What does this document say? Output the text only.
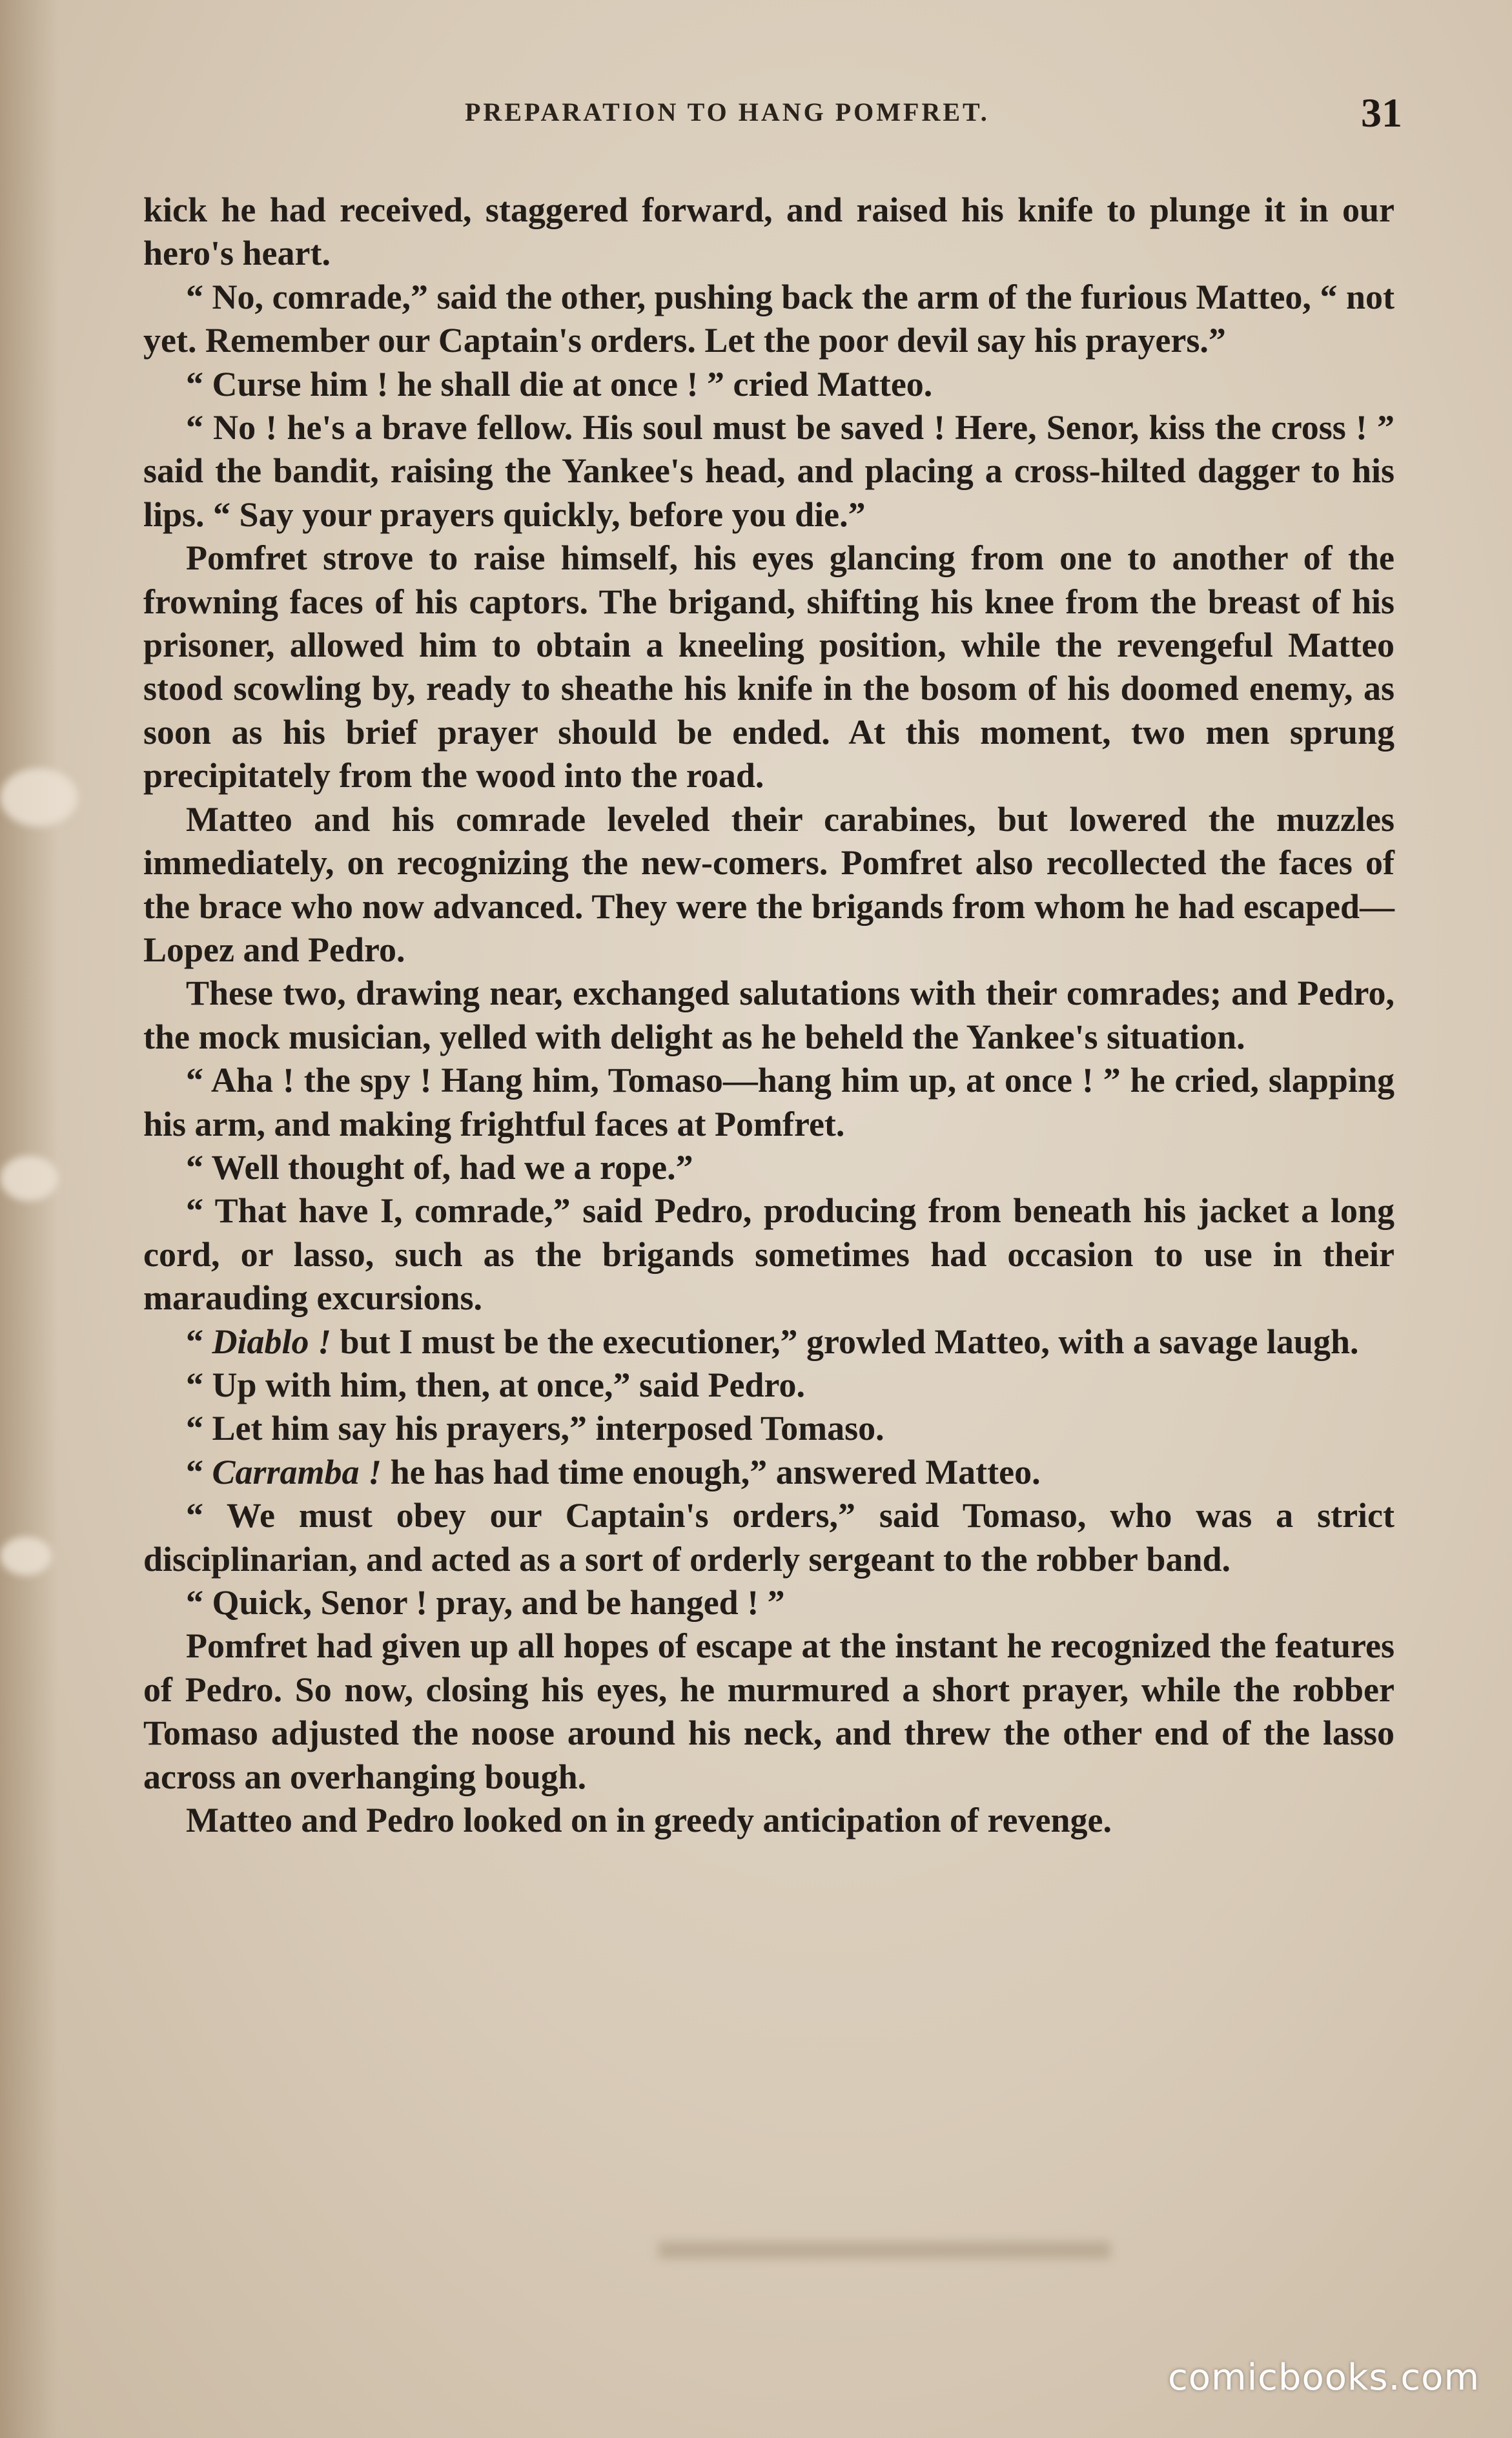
PREPARATION TO HANG POMFRET.	31

kick he had received, staggered forward, and raised his knife to plunge it in our hero's heart.

“ No, comrade,” said the other, pushing back the arm of the furious Matteo, “ not yet. Remember our Captain's orders. Let the poor devil say his prayers.”

“ Curse him ! he shall die at once ! ” cried Matteo.

“ No ! he's a brave fellow. His soul must be saved ! Here, Senor, kiss the cross ! ” said the bandit, raising the Yankee's head, and placing a cross-hilted dagger to his lips. “ Say your prayers quickly, before you die.”

Pomfret strove to raise himself, his eyes glancing from one to another of the frowning faces of his captors. The brigand, shifting his knee from the breast of his prisoner, allowed him to obtain a kneeling position, while the revengeful Matteo stood scowling by, ready to sheathe his knife in the bosom of his doomed enemy, as soon as his brief prayer should be ended. At this moment, two men sprung precipitately from the wood into the road.

Matteo and his comrade leveled their carabines, but lowered the muzzles immediately, on recognizing the new-comers. Pomfret also recollected the faces of the brace who now advanced. They were the brigands from whom he had escaped—Lopez and Pedro.

These two, drawing near, exchanged salutations with their comrades; and Pedro, the mock musician, yelled with delight as he beheld the Yankee's situation.

“ Aha ! the spy ! Hang him, Tomaso—hang him up, at once ! ” he cried, slapping his arm, and making frightful faces at Pomfret.

“ Well thought of, had we a rope.”

“ That have I, comrade,” said Pedro, producing from beneath his jacket a long cord, or lasso, such as the brigands sometimes had occasion to use in their marauding excursions.

“ Diablo ! but I must be the executioner,” growled Matteo, with a savage laugh.

“ Up with him, then, at once,” said Pedro.

“ Let him say his prayers,” interposed Tomaso.

“ Carramba ! he has had time enough,” answered Matteo.

“ We must obey our Captain's orders,” said Tomaso, who was a strict disciplinarian, and acted as a sort of orderly sergeant to the robber band.

“ Quick, Senor ! pray, and be hanged ! ”

Pomfret had given up all hopes of escape at the instant he recognized the features of Pedro. So now, closing his eyes, he murmured a short prayer, while the robber Tomaso adjusted the noose around his neck, and threw the other end of the lasso across an overhanging bough.

Matteo and Pedro looked on in greedy anticipation of revenge.

comicbooks.com
